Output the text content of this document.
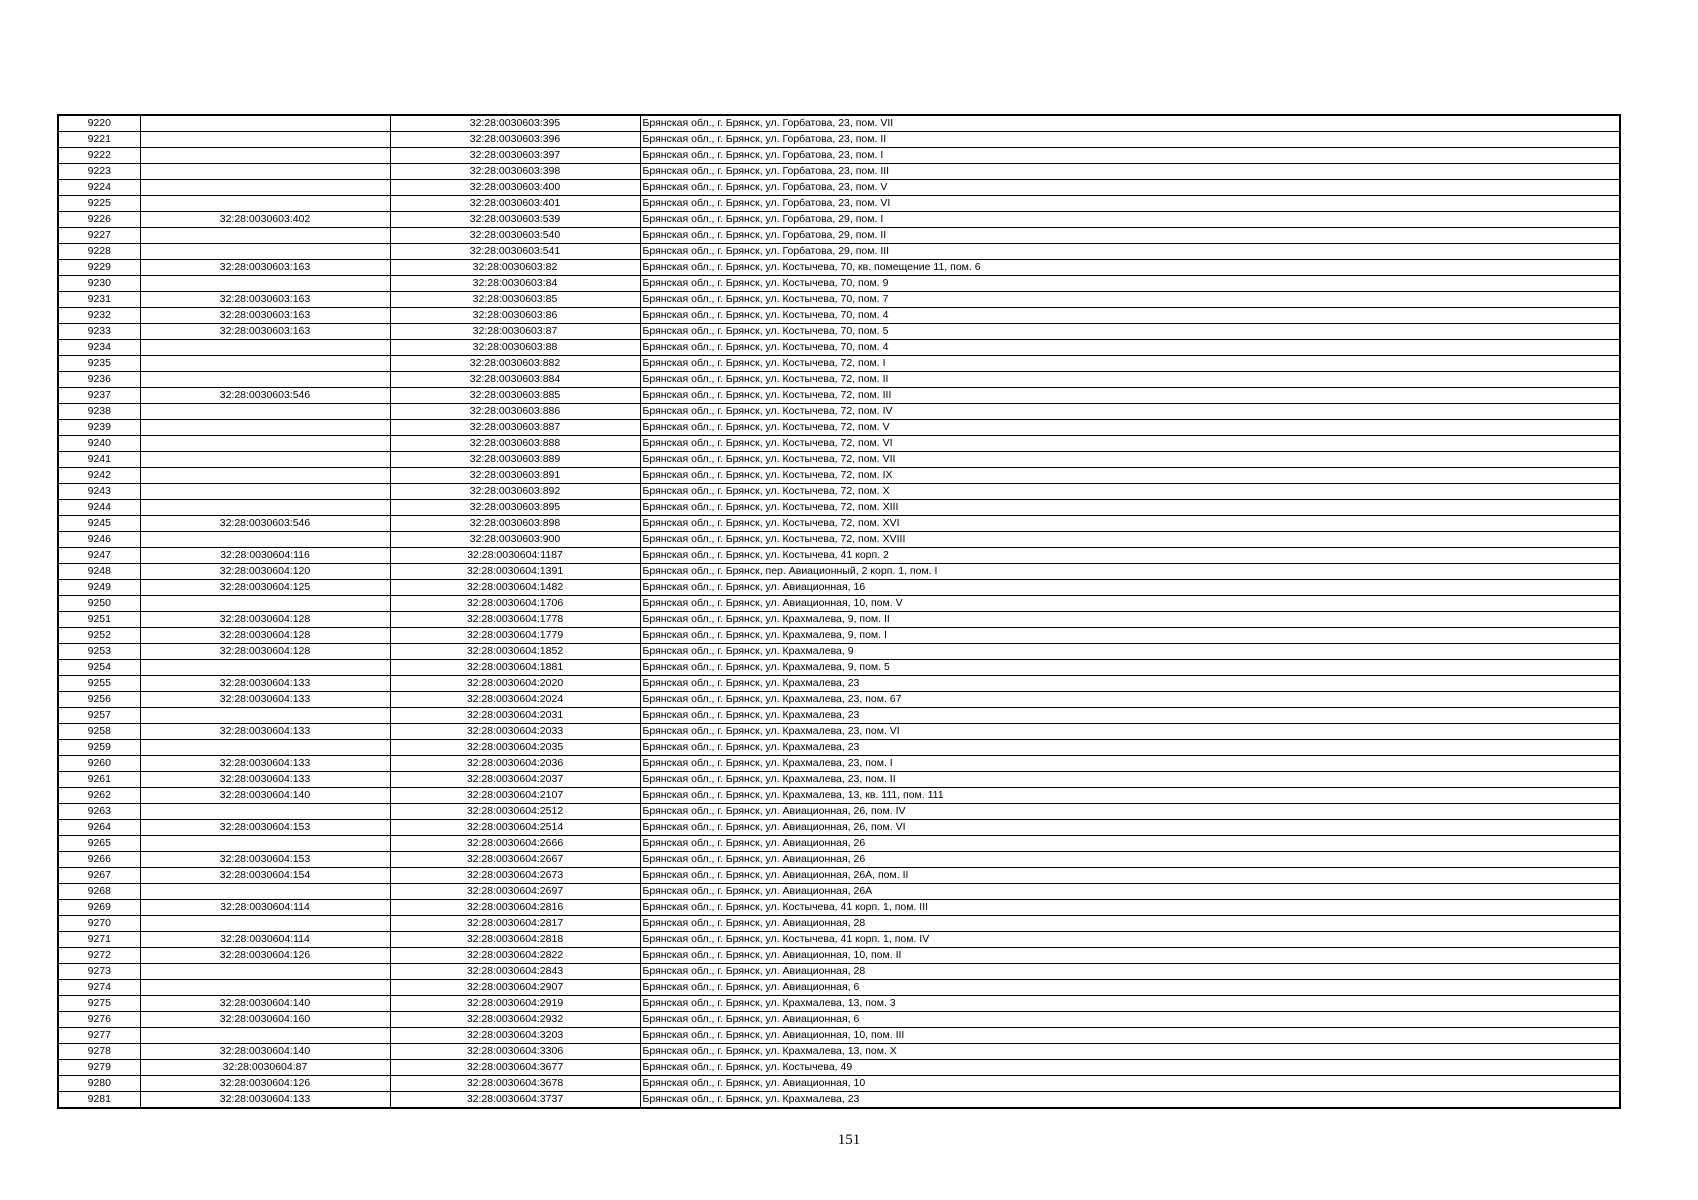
9220		32:28:0030603:395	Брянская обл., г. Брянск, ул. Горбатова, 23, пом. VII
9221		32:28:0030603:396	Брянская обл., г. Брянск, ул. Горбатова, 23, пом. II
9222		32:28:0030603:397	Брянская обл., г. Брянск, ул. Горбатова, 23, пом. I
9223		32:28:0030603:398	Брянская обл., г. Брянск, ул. Горбатова, 23, пом. III
9224		32:28:0030603:400	Брянская обл., г. Брянск, ул. Горбатова, 23, пом. V
9225		32:28:0030603:401	Брянская обл., г. Брянск, ул. Горбатова, 23, пом. VI
9226	32:28:0030603:402	32:28:0030603:539	Брянская обл., г. Брянск, ул. Горбатова, 29, пом. I
9227		32:28:0030603:540	Брянская обл., г. Брянск, ул. Горбатова, 29, пом. II
9228		32:28:0030603:541	Брянская обл., г. Брянск, ул. Горбатова, 29, пом. III
9229	32:28:0030603:163	32:28:0030603:82	Брянская обл., г. Брянск, ул. Костычева, 70, кв. помещение 11, пом. 6
9230		32:28:0030603:84	Брянская обл., г. Брянск, ул. Костычева, 70, пом. 9
9231	32:28:0030603:163	32:28:0030603:85	Брянская обл., г. Брянск, ул. Костычева, 70, пом. 7
9232	32:28:0030603:163	32:28:0030603:86	Брянская обл., г. Брянск, ул. Костычева, 70, пом. 4
9233	32:28:0030603:163	32:28:0030603:87	Брянская обл., г. Брянск, ул. Костычева, 70, пом. 5
9234		32:28:0030603:88	Брянская обл., г. Брянск, ул. Костычева, 70, пом. 4
9235		32:28:0030603:882	Брянская обл., г. Брянск, ул. Костычева, 72, пом. I
9236		32:28:0030603:884	Брянская обл., г. Брянск, ул. Костычева, 72, пом. II
9237	32:28:0030603:546	32:28:0030603:885	Брянская обл., г. Брянск, ул. Костычева, 72, пом. III
9238		32:28:0030603:886	Брянская обл., г. Брянск, ул. Костычева, 72, пом. IV
9239		32:28:0030603:887	Брянская обл., г. Брянск, ул. Костычева, 72, пом. V
9240		32:28:0030603:888	Брянская обл., г. Брянск, ул. Костычева, 72, пом. VI
9241		32:28:0030603:889	Брянская обл., г. Брянск, ул. Костычева, 72, пом. VII
9242		32:28:0030603:891	Брянская обл., г. Брянск, ул. Костычева, 72, пом. IX
9243		32:28:0030603:892	Брянская обл., г. Брянск, ул. Костычева, 72, пом. X
9244		32:28:0030603:895	Брянская обл., г. Брянск, ул. Костычева, 72, пом. XIII
9245	32:28:0030603:546	32:28:0030603:898	Брянская обл., г. Брянск, ул. Костычева, 72, пом. XVI
9246		32:28:0030603:900	Брянская обл., г. Брянск, ул. Костычева, 72, пом. XVIII
9247	32:28:0030604:116	32:28:0030604:1187	Брянская обл., г. Брянск, ул. Костычева, 41 корп. 2
9248	32:28:0030604:120	32:28:0030604:1391	Брянская обл., г. Брянск, пер. Авиационный, 2 корп. 1, пом. I
9249	32:28:0030604:125	32:28:0030604:1482	Брянская обл., г. Брянск, ул. Авиационная, 16
9250		32:28:0030604:1706	Брянская обл., г. Брянск, ул. Авиационная, 10, пом. V
9251	32:28:0030604:128	32:28:0030604:1778	Брянская обл., г. Брянск, ул. Крахмалева, 9, пом. II
9252	32:28:0030604:128	32:28:0030604:1779	Брянская обл., г. Брянск, ул. Крахмалева, 9, пом. I
9253	32:28:0030604:128	32:28:0030604:1852	Брянская обл., г. Брянск, ул. Крахмалева, 9
9254		32:28:0030604:1881	Брянская обл., г. Брянск, ул. Крахмалева, 9, пом. 5
9255	32:28:0030604:133	32:28:0030604:2020	Брянская обл., г. Брянск, ул. Крахмалева, 23
9256	32:28:0030604:133	32:28:0030604:2024	Брянская обл., г. Брянск, ул. Крахмалева, 23, пом. 67
9257		32:28:0030604:2031	Брянская обл., г. Брянск, ул. Крахмалева, 23
9258	32:28:0030604:133	32:28:0030604:2033	Брянская обл., г. Брянск, ул. Крахмалева, 23, пом. VI
9259		32:28:0030604:2035	Брянская обл., г. Брянск, ул. Крахмалева, 23
9260	32:28:0030604:133	32:28:0030604:2036	Брянская обл., г. Брянск, ул. Крахмалева, 23, пом. I
9261	32:28:0030604:133	32:28:0030604:2037	Брянская обл., г. Брянск, ул. Крахмалева, 23, пом. II
9262	32:28:0030604:140	32:28:0030604:2107	Брянская обл., г. Брянск, ул. Крахмалева, 13, кв. 111, пом. 111
9263		32:28:0030604:2512	Брянская обл., г. Брянск, ул. Авиационная, 26, пом. IV
9264	32:28:0030604:153	32:28:0030604:2514	Брянская обл., г. Брянск, ул. Авиационная, 26, пом. VI
9265		32:28:0030604:2666	Брянская обл., г. Брянск, ул. Авиационная, 26
9266	32:28:0030604:153	32:28:0030604:2667	Брянская обл., г. Брянск, ул. Авиационная, 26
9267	32:28:0030604:154	32:28:0030604:2673	Брянская обл., г. Брянск, ул. Авиационная, 26А, пом. II
9268		32:28:0030604:2697	Брянская обл., г. Брянск, ул. Авиационная, 26А
9269	32:28:0030604:114	32:28:0030604:2816	Брянская обл., г. Брянск, ул. Костычева, 41 корп. 1, пом. III
9270		32:28:0030604:2817	Брянская обл., г. Брянск, ул. Авиационная, 28
9271	32:28:0030604:114	32:28:0030604:2818	Брянская обл., г. Брянск, ул. Костычева, 41 корп. 1, пом. IV
9272	32:28:0030604:126	32:28:0030604:2822	Брянская обл., г. Брянск, ул. Авиационная, 10, пом. II
9273		32:28:0030604:2843	Брянская обл., г. Брянск, ул. Авиационная, 28
9274		32:28:0030604:2907	Брянская обл., г. Брянск, ул. Авиационная, 6
9275	32:28:0030604:140	32:28:0030604:2919	Брянская обл., г. Брянск, ул. Крахмалева, 13, пом. 3
9276	32:28:0030604:160	32:28:0030604:2932	Брянская обл., г. Брянск, ул. Авиационная, 6
9277		32:28:0030604:3203	Брянская обл., г. Брянск, ул. Авиационная, 10, пом. III
9278	32:28:0030604:140	32:28:0030604:3306	Брянская обл., г. Брянск, ул. Крахмалева, 13, пом. X
9279	32:28:0030604:87	32:28:0030604:3677	Брянская обл., г. Брянск, ул. Костычева, 49
9280	32:28:0030604:126	32:28:0030604:3678	Брянская обл., г. Брянск, ул. Авиационная, 10
9281	32:28:0030604:133	32:28:0030604:3737	Брянская обл., г. Брянск, ул. Крахмалева, 23
151
